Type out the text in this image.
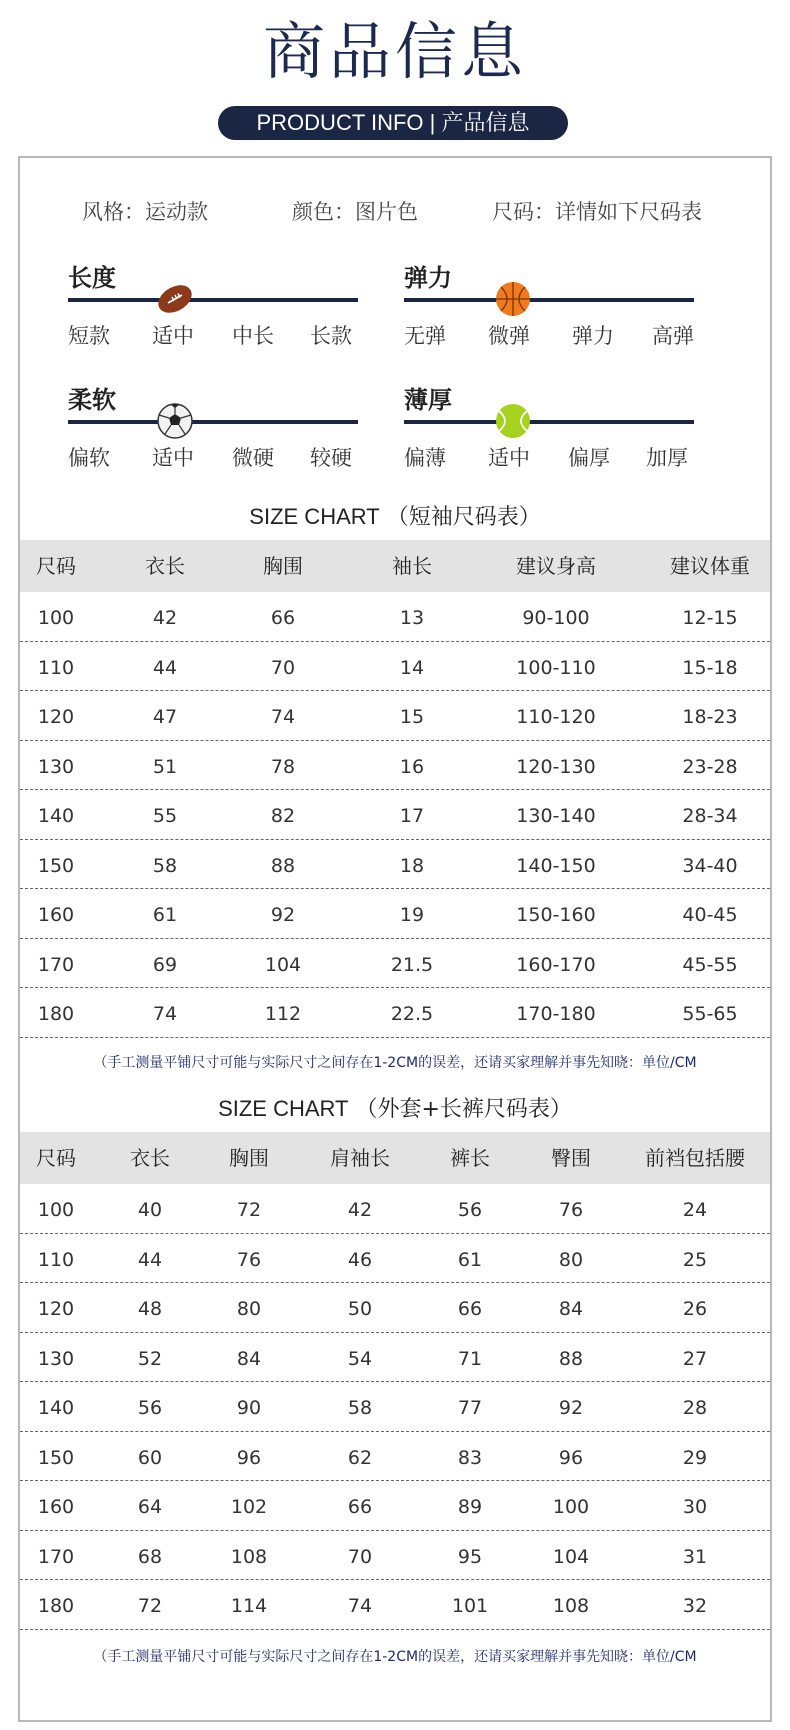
商品信息
PRODUCT INFO | 产品信息
风格：运动款	颜色：图片色	尺码：详情如下尺码表
长度
短款 适中 中长 长款
弹力
无弹 微弹 弹力 高弹
柔软
偏软 适中 微硬 较硬
薄厚
偏薄 适中 偏厚 加厚
SIZE CHART （短袖尺码表）
尺码	衣长	胸围	袖长	建议身高	建议体重
100	42	66	13	90-100	12-15
110	44	70	14	100-110	15-18
120	47	74	15	110-120	18-23
130	51	78	16	120-130	23-28
140	55	82	17	130-140	28-34
150	58	88	18	140-150	34-40
160	61	92	19	150-160	40-45
170	69	104	21.5	160-170	45-55
180	74	112	22.5	170-180	55-65
（手工测量平铺尺寸可能与实际尺寸之间存在1-2CM的误差，还请买家理解并事先知晓：单位/CM
SIZE CHART （外套+长裤尺码表）
尺码	衣长	胸围	肩袖长	裤长	臀围	前裆包括腰
100	40	72	42	56	76	24
110	44	76	46	61	80	25
120	48	80	50	66	84	26
130	52	84	54	71	88	27
140	56	90	58	77	92	28
150	60	96	62	83	96	29
160	64	102	66	89	100	30
170	68	108	70	95	104	31
180	72	114	74	101	108	32
（手工测量平铺尺寸可能与实际尺寸之间存在1-2CM的误差，还请买家理解并事先知晓：单位/CM
